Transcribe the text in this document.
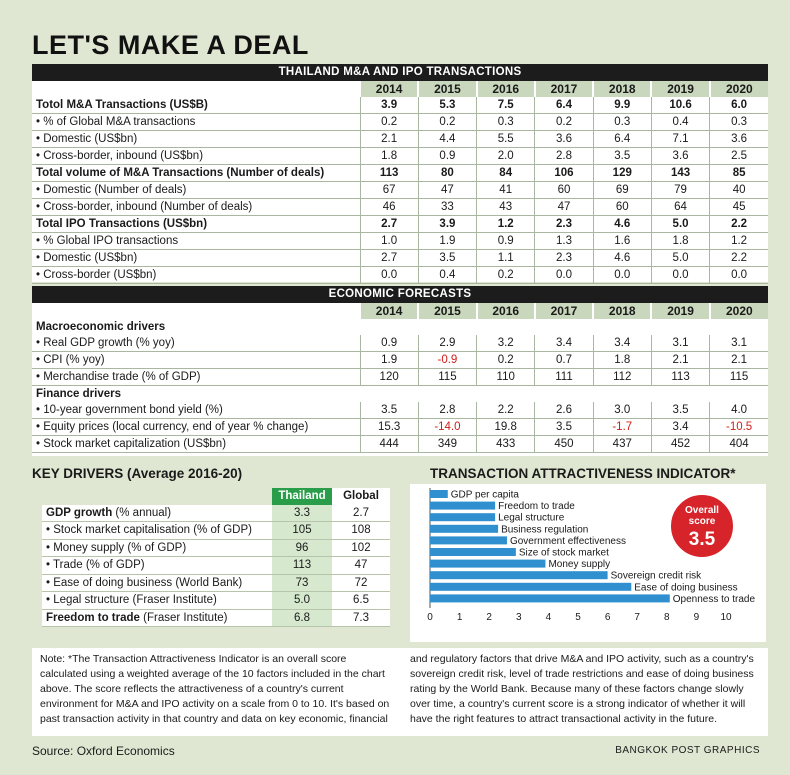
LET'S MAKE A DEAL
THAILAND M&A AND IPO TRANSACTIONS							
	2014	2015	2016	2017	2018	2019	2020
Totol M&A Transactions (US$B)	3.9	5.3	7.5	6.4	9.9	10.6	6.0
• % of Global M&A transactions	0.2	0.2	0.3	0.2	0.3	0.4	0.3
• Domestic (US$bn)	2.1	4.4	5.5	3.6	6.4	7.1	3.6
• Cross-border, inbound (US$bn)	1.8	0.9	2.0	2.8	3.5	3.6	2.5
Total volume of M&A Transactions (Number of deals)	113	80	84	106	129	143	85
• Domestic (Number of deals)	67	47	41	60	69	79	40
• Cross-border, inbound (Number of deals)	46	33	43	47	60	64	45
Total IPO Transactions (US$bn)	2.7	3.9	1.2	2.3	4.6	5.0	2.2
• % Global IPO transactions	1.0	1.9	0.9	1.3	1.6	1.8	1.2
• Domestic (US$bn)	2.7	3.5	1.1	2.3	4.6	5.0	2.2
• Cross-border (US$bn)	0.0	0.4	0.2	0.0	0.0	0.0	0.0
ECONOMIC FORECASTS							
	2014	2015	2016	2017	2018	2019	2020
Macroeconomic drivers							
• Real GDP growth (% yoy)	0.9	2.9	3.2	3.4	3.4	3.1	3.1
• CPI (% yoy)	1.9	-0.9	0.2	0.7	1.8	2.1	2.1
• Merchandise trade (% of GDP)	120	115	110	111	112	113	115
Finance drivers							
• 10-year government bond yield (%)	3.5	2.8	2.2	2.6	3.0	3.5	4.0
• Equity prices (local currency, end of year % change)	15.3	-14.0	19.8	3.5	-1.7	3.4	-10.5
• Stock market capitalization (US$bn)	444	349	433	450	437	452	404
KEY DRIVERS (Average 2016-20)
	Thailand	Global
GDP growth (% annual)	3.3	2.7
• Stock market capitalisation (% of GDP)	105	108
• Money supply (% of GDP)	96	102
• Trade (% of GDP)	113	47
• Ease of doing business (World Bank)	73	72
• Legal structure (Fraser Institute)	5.0	6.5
Freedom to trade (Fraser Institute)	6.8	7.3
TRANSACTION ATTRACTIVENESS INDICATOR*
GDP per capita
Freedom to trade
Legal structure
Business regulation
Government effectiveness
Size of stock market
Money supply
Sovereign credit risk
Ease of doing business
Openness to trade
0 1 2 3 4 5 6 7 8 9 10
Overall
score
3.5
Note: *The Transaction Attractiveness Indicator is an overall score calculated using a weighted average of the 10 factors included in the chart above. The score reflects the attractiveness of a country's current environment for M&A and IPO activity on a scale from 0 to 10. It's based on past transaction activity in that country and data on key economic, financial
and regulatory factors that drive M&A and IPO activity, such as a country's sovereign credit risk, level of trade restrictions and ease of doing business rating by the World Bank. Because many of these factors change slowly over time, a country's current score is a strong indicator of whether it will have the right features to attract transactional activity in the future.
Source: Oxford Economics	BANGKOK POST GRAPHICS
